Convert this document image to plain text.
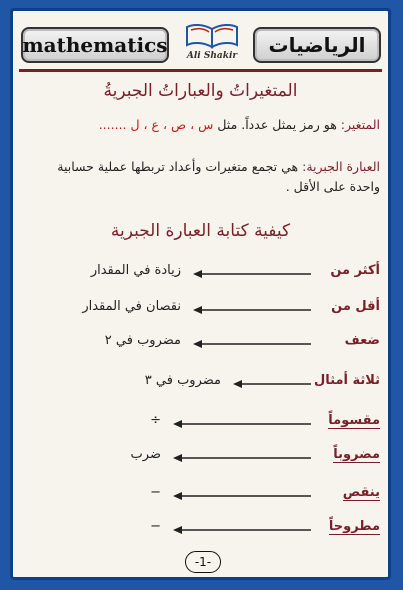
mathematics	Ali Shakir	الرياضيات
المتغيراتُ والعباراتُ الجبريةُ
المتغير: هو رمز يمثل عدداً. مثل س ، ص ، ع ، ل .......
العبارة الجبرية: هي تجمع متغيرات وأعداد تربطها عملية حسابية واحدة على الأقل .
كيفية كتابة العبارة الجبرية
أكثر من
زيادة في المقدار
أقل من
نقصان في المقدار
ضعف
مضروب في ٢
ثلاثة أمثال
مضروب في ٣
مقسوماً
÷
مضروباً
ضرب
ينقص
−
مطروحاً
−
-1-
